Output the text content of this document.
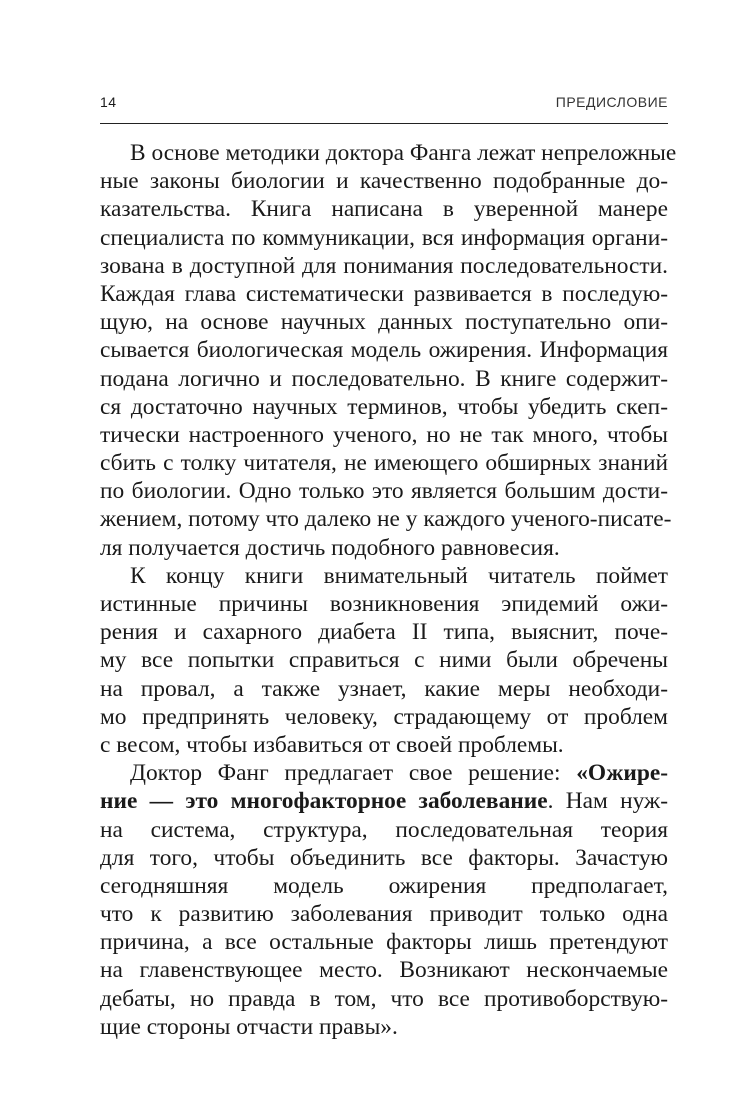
14	ПРЕДИСЛОВИЕ
В основе методики доктора Фанга лежат непреложные
ные законы биологии и качественно подобранные до-
казательства. Книга написана в уверенной манере
специалиста по коммуникации, вся информация органи-
зована в доступной для понимания последовательности.
Каждая глава систематически развивается в последую-
щую, на основе научных данных поступательно опи-
сывается биологическая модель ожирения. Информация
подана логично и последовательно. В книге содержит-
ся достаточно научных терминов, чтобы убедить скеп-
тически настроенного ученого, но не так много, чтобы
сбить с толку читателя, не имеющего обширных знаний
по биологии. Одно только это является большим дости-
жением, потому что далеко не у каждого ученого-писате-
ля получается достичь подобного равновесия.
К концу книги внимательный читатель поймет
истинные причины возникновения эпидемий ожи-
рения и сахарного диабета II типа, выяснит, поче-
му все попытки справиться с ними были обречены
на провал, а также узнает, какие меры необходи-
мо предпринять человеку, страдающему от проблем
с весом, чтобы избавиться от своей проблемы.
Доктор Фанг предлагает свое решение: «Ожире-
ние — это многофакторное заболевание. Нам нуж-
на система, структура, последовательная теория
для того, чтобы объединить все факторы. Зачастую
сегодняшняя модель ожирения предполагает,
что к развитию заболевания приводит только одна
причина, а все остальные факторы лишь претендуют
на главенствующее место. Возникают нескончаемые
дебаты, но правда в том, что все противоборствую-
щие стороны отчасти правы».
